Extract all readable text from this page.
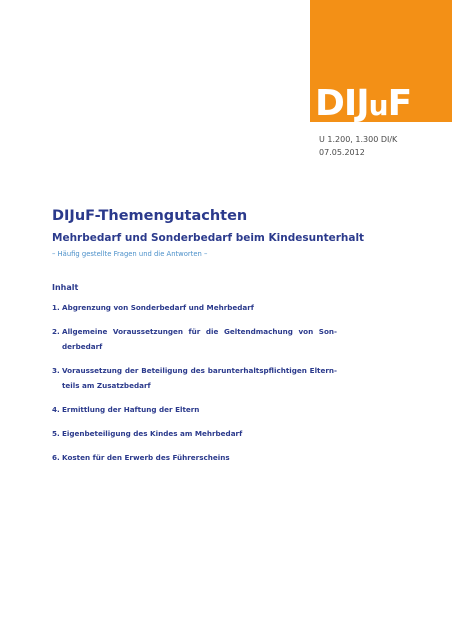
DIJuF
U 1.200, 1.300 DI/K
07.05.2012
DIJuF-Themengutachten
Mehrbedarf und Sonderbedarf beim Kindesunterhalt
– Häufig gestellte Fragen und die Antworten –
Inhalt
1. Abgrenzung von Sonderbedarf und Mehrbedarf
2. Allgemeine Voraussetzungen für die Geltendmachung von Son-
derbedarf
3. Voraussetzung der Beteiligung des barunterhaltspflichtigen Eltern-
teils am Zusatzbedarf
4. Ermittlung der Haftung der Eltern
5. Eigenbeteiligung des Kindes am Mehrbedarf
6. Kosten für den Erwerb des Führerscheins
